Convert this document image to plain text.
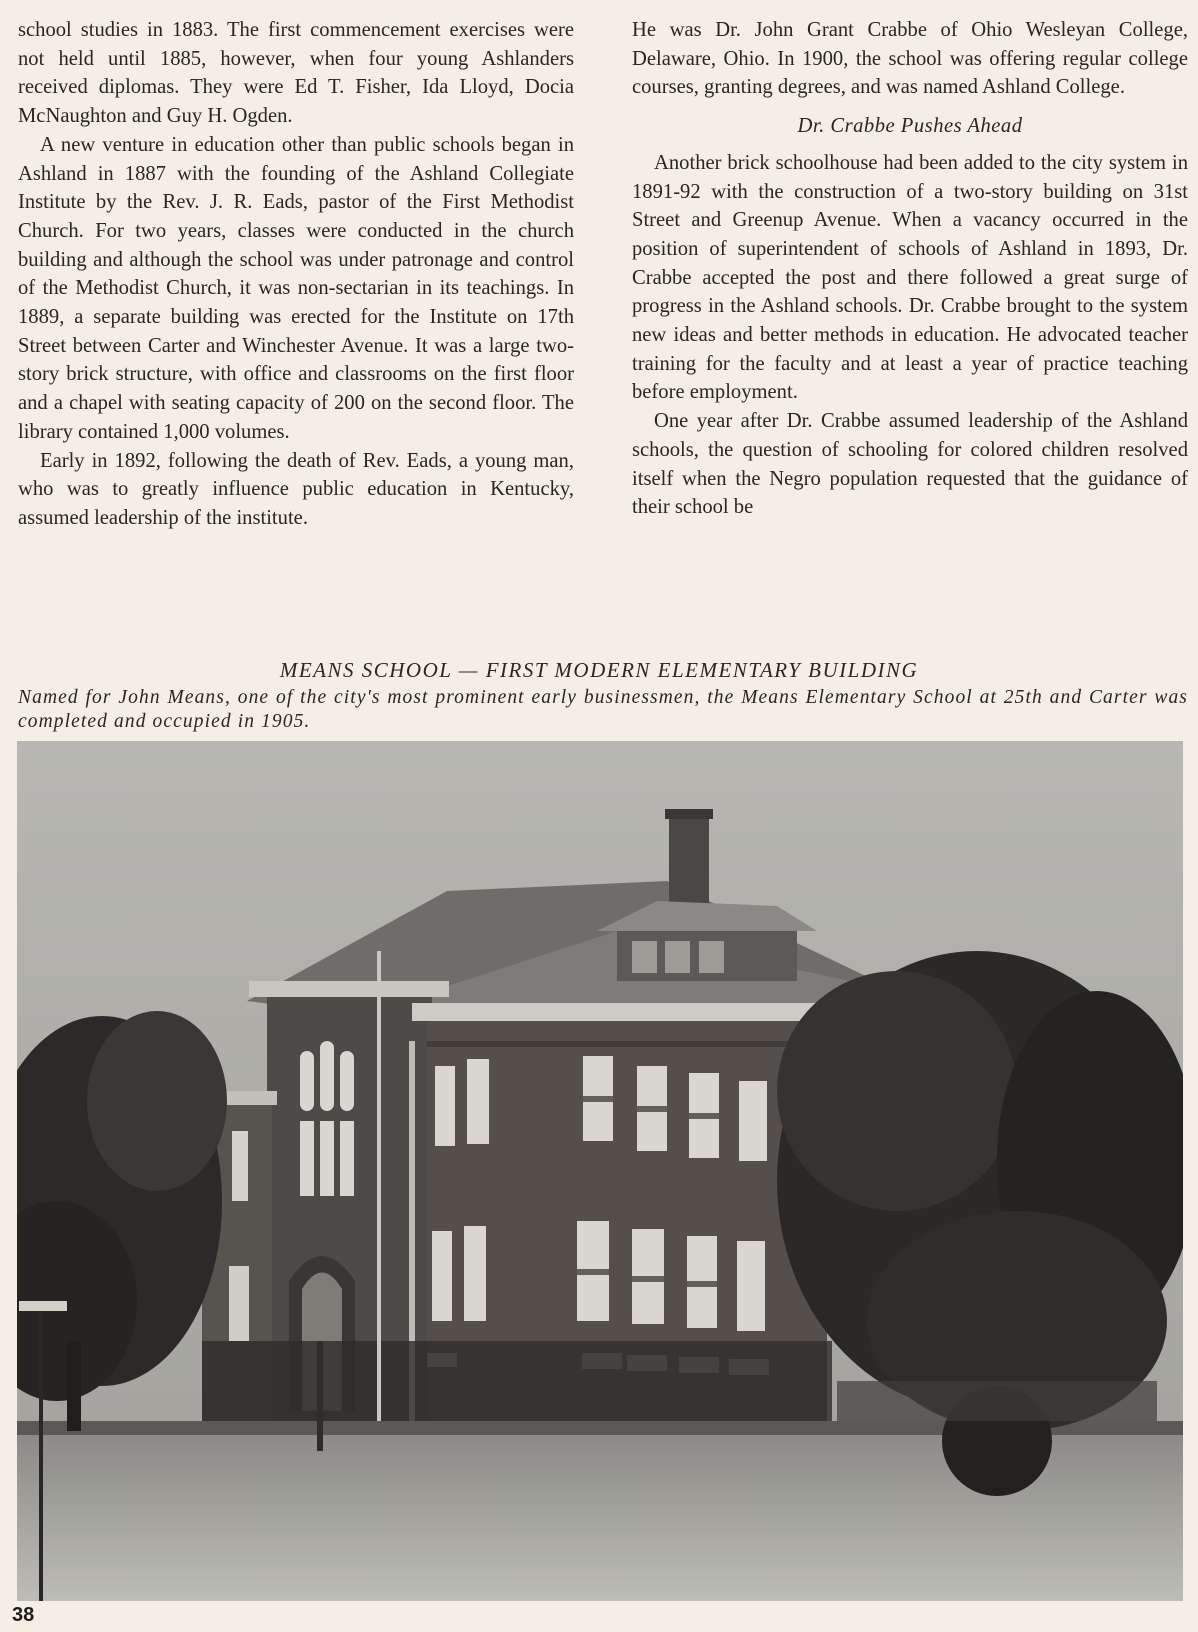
school studies in 1883. The first commencement exercises were not held until 1885, however, when four young Ashlanders received diplomas. They were Ed T. Fisher, Ida Lloyd, Docia McNaughton and Guy H. Ogden.

A new venture in education other than public schools began in Ashland in 1887 with the founding of the Ashland Collegiate Institute by the Rev. J. R. Eads, pastor of the First Methodist Church. For two years, classes were conducted in the church building and although the school was under patronage and control of the Methodist Church, it was non-sectarian in its teachings. In 1889, a separate building was erected for the Institute on 17th Street between Carter and Winchester Avenue. It was a large two-story brick structure, with office and classrooms on the first floor and a chapel with seating capacity of 200 on the second floor. The library contained 1,000 volumes.

Early in 1892, following the death of Rev. Eads, a young man, who was to greatly influence public education in Kentucky, assumed leadership of the institute.

He was Dr. John Grant Crabbe of Ohio Wesleyan College, Delaware, Ohio. In 1900, the school was offering regular college courses, granting degrees, and was named Ashland College.

Dr. Crabbe Pushes Ahead

Another brick schoolhouse had been added to the city system in 1891-92 with the construction of a two-story building on 31st Street and Greenup Avenue. When a vacancy occurred in the position of superintendent of schools of Ashland in 1893, Dr. Crabbe accepted the post and there followed a great surge of progress in the Ashland schools. Dr. Crabbe brought to the system new ideas and better methods in education. He advocated teacher training for the faculty and at least a year of practice teaching before employment.

One year after Dr. Crabbe assumed leadership of the Ashland schools, the question of schooling for colored children resolved itself when the Negro population requested that the guidance of their school be

MEANS SCHOOL — FIRST MODERN ELEMENTARY BUILDING
Named for John Means, one of the city's most prominent early businessmen, the Means Elementary School at 25th and Carter was completed and occupied in 1905.
38
